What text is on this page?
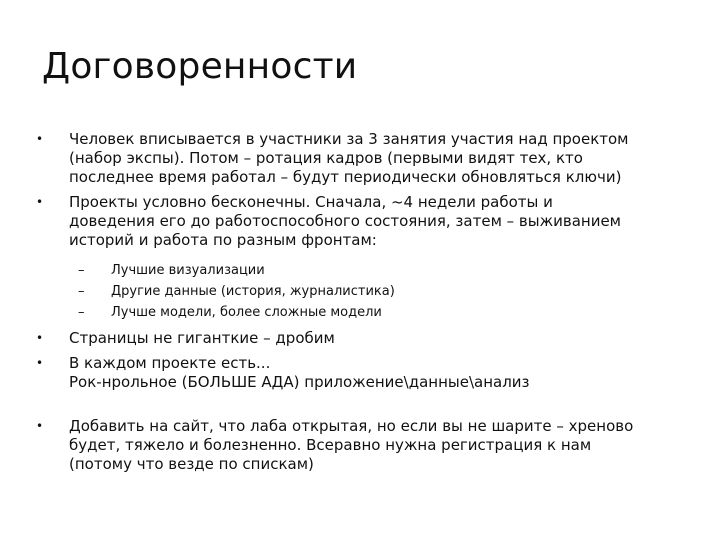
Договоренности
•	Человек вписывается в участники за 3 занятия участия над проектом
(набор экспы). Потом – ротация кадров (первыми видят тех, кто
последнее время работал – будут периодически обновляться ключи)
•	Проекты условно бесконечны. Сначала, ~4 недели работы и
доведения его до работоспособного состояния, затем – выживанием
историй и работа по разным фронтам:
– Лучшие визуализации
– Другие данные (история, журналистика)
– Лучше модели, более сложные модели
•	Страницы не гиганткие – дробим
•	В каждом проекте есть...
Рок-нрольное (БОЛЬШЕ АДА) приложение\данные\анализ
•	Добавить на сайт, что лаба открытая, но если вы не шарите – хреново
будет, тяжело и болезненно. Всеравно нужна регистрация к нам
(потому что везде по спискам)
